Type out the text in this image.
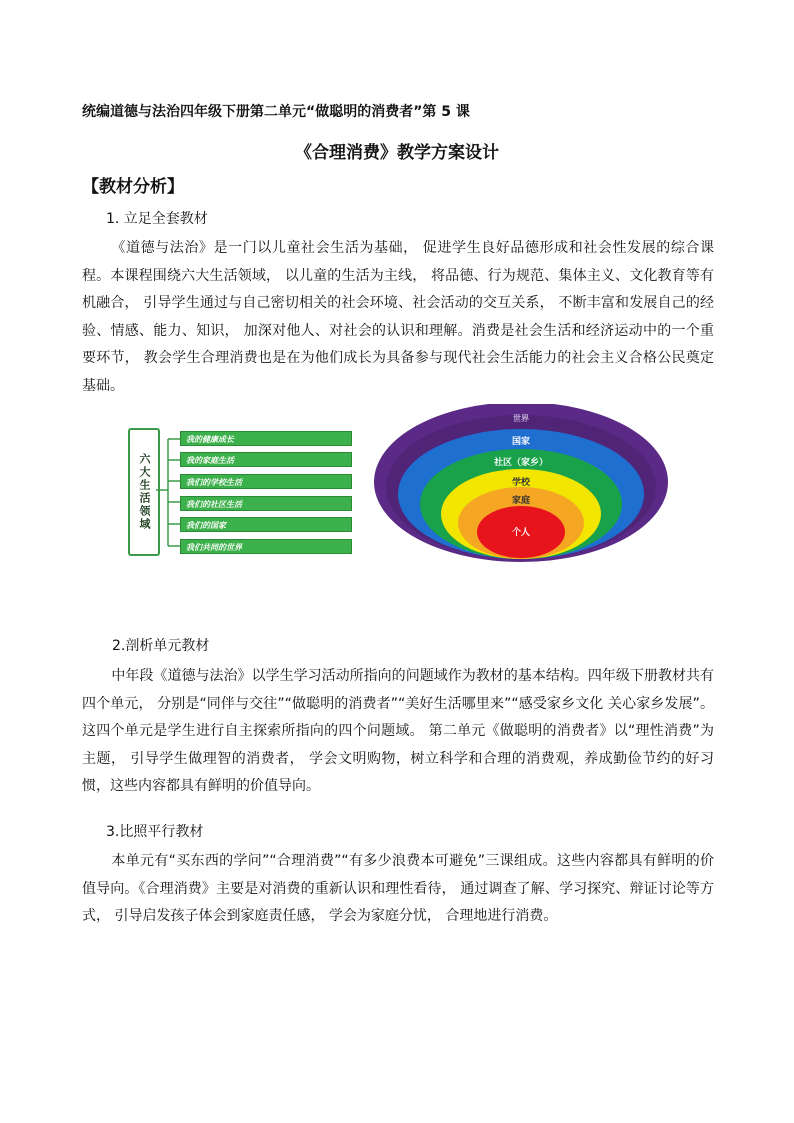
统编道德与法治四年级下册第二单元“做聪明的消费者”第 5 课
《合理消费》教学方案设计
【教材分析】
1. 立足全套教材
《道德与法治》是一门以儿童社会生活为基础， 促进学生良好品德形成和社会性发展的综合课程。本课程围绕六大生活领域， 以儿童的生活为主线， 将品德、行为规范、集体主义、文化教育等有机融合， 引导学生通过与自己密切相关的社会环境、社会活动的交互关系， 不断丰富和发展自己的经验、情感、能力、知识， 加深对他人、对社会的认识和理解。消费是社会生活和经济运动中的一个重要环节， 教会学生合理消费也是在为他们成长为具备参与现代社会生活能力的社会主义合格公民奠定基础。
六大生活领域
我的健康成长
我的家庭生活
我们的学校生活
我们的社区生活
我们的国家
我们共同的世界
世界
国家
社区（家乡）
学校
家庭
个人
2.剖析单元教材
中年段《道德与法治》以学生学习活动所指向的问题域作为教材的基本结构。四年级下册教材共有四个单元， 分别是“同伴与交往”“做聪明的消费者”“美好生活哪里来”“感受家乡文化 关心家乡发展”。这四个单元是学生进行自主探索所指向的四个问题域。 第二单元《做聪明的消费者》以“理性消费”为主题， 引导学生做理智的消费者， 学会文明购物，树立科学和合理的消费观，养成勤俭节约的好习惯，这些内容都具有鲜明的价值导向。
3.比照平行教材
本单元有“买东西的学问”“合理消费”“有多少浪费本可避免”三课组成。这些内容都具有鲜明的价值导向。《合理消费》主要是对消费的重新认识和理性看待， 通过调查了解、学习探究、辩证讨论等方式， 引导启发孩子体会到家庭责任感， 学会为家庭分忧， 合理地进行消费。
